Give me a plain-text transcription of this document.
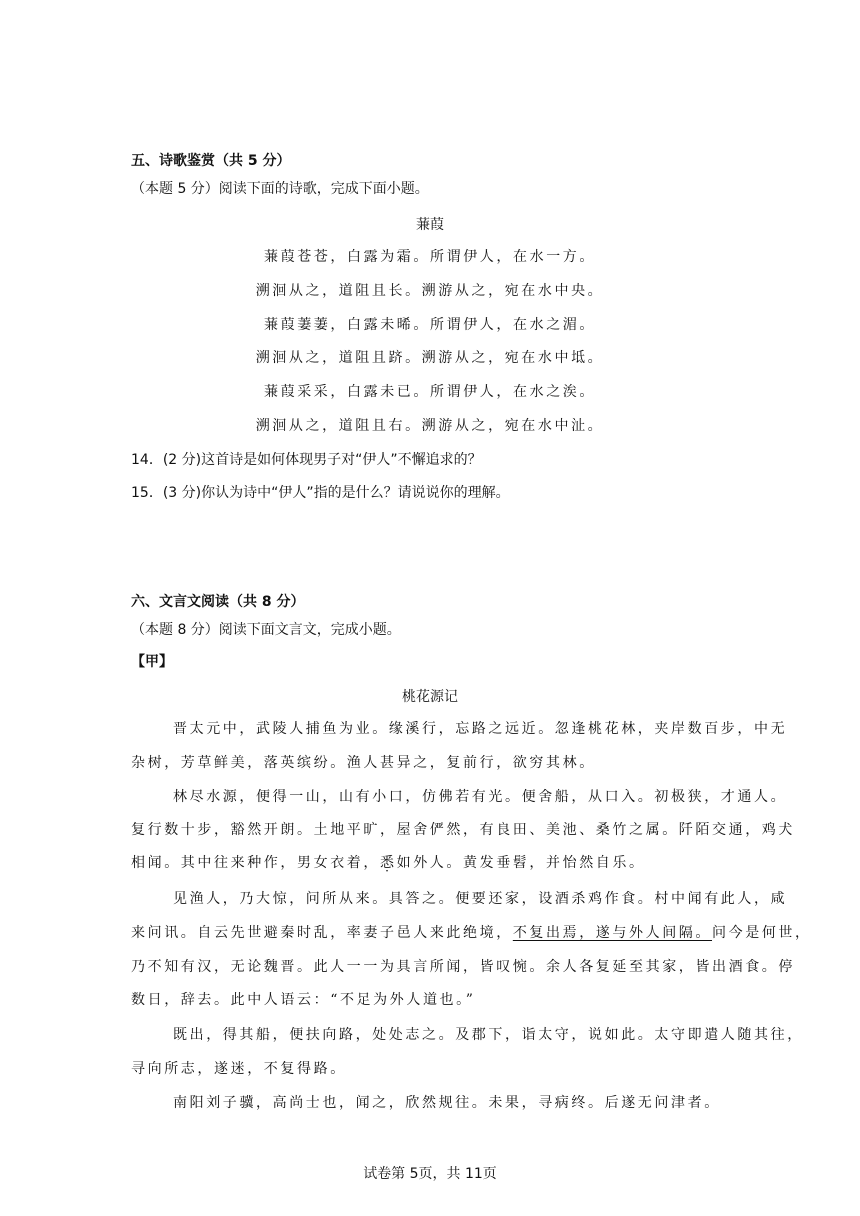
五、诗歌鉴赏（共 5 分）
（本题 5 分）阅读下面的诗歌，完成下面小题。
蒹葭
蒹葭苍苍，白露为霜。所谓伊人，在水一方。
溯洄从之，道阻且长。溯游从之，宛在水中央。
蒹葭萋萋，白露未晞。所谓伊人，在水之湄。
溯洄从之，道阻且跻。溯游从之，宛在水中坻。
蒹葭采采，白露未已。所谓伊人，在水之涘。
溯洄从之，道阻且右。溯游从之，宛在水中沚。
14．(2 分)这首诗是如何体现男子对“伊人”不懈追求的？
15．(3 分)你认为诗中“伊人”指的是什么？请说说你的理解。
六、文言文阅读（共 8 分）
（本题 8 分）阅读下面文言文，完成小题。
【甲】
桃花源记
晋太元中，武陵人捕鱼为业。缘溪行，忘路之远近。忽逢桃花林，夹岸数百步，中无
杂树，芳草鲜美，落英缤纷。渔人甚异之，复前行，欲穷其林。
林尽水源，便得一山，山有小口，仿佛若有光。便舍船，从口入。初极狭，才通人。
复行数十步，豁然开朗。土地平旷，屋舍俨然，有良田、美池、桑竹之属。阡陌交通，鸡犬
相闻。其中往来种作，男女衣着，悉如外人。黄发垂髫，并怡然自乐。
见渔人，乃大惊，问所从来。具答之。便要还家，设酒杀鸡作食。村中闻有此人，咸
来问讯。自云先世避秦时乱，率妻子邑人来此绝境，不复出焉，遂与外人间隔。问今是何世，
乃不知有汉，无论魏晋。此人一一为具言所闻，皆叹惋。余人各复延至其家，皆出酒食。停
数日，辞去。此中人语云：“不足为外人道也。”
既出，得其船，便扶向路，处处志之。及郡下，诣太守，说如此。太守即遣人随其往，
寻向所志，遂迷，不复得路。
南阳刘子骥，高尚士也，闻之，欣然规往。未果，寻病终。后遂无问津者。
试卷第 5页，共 11页
